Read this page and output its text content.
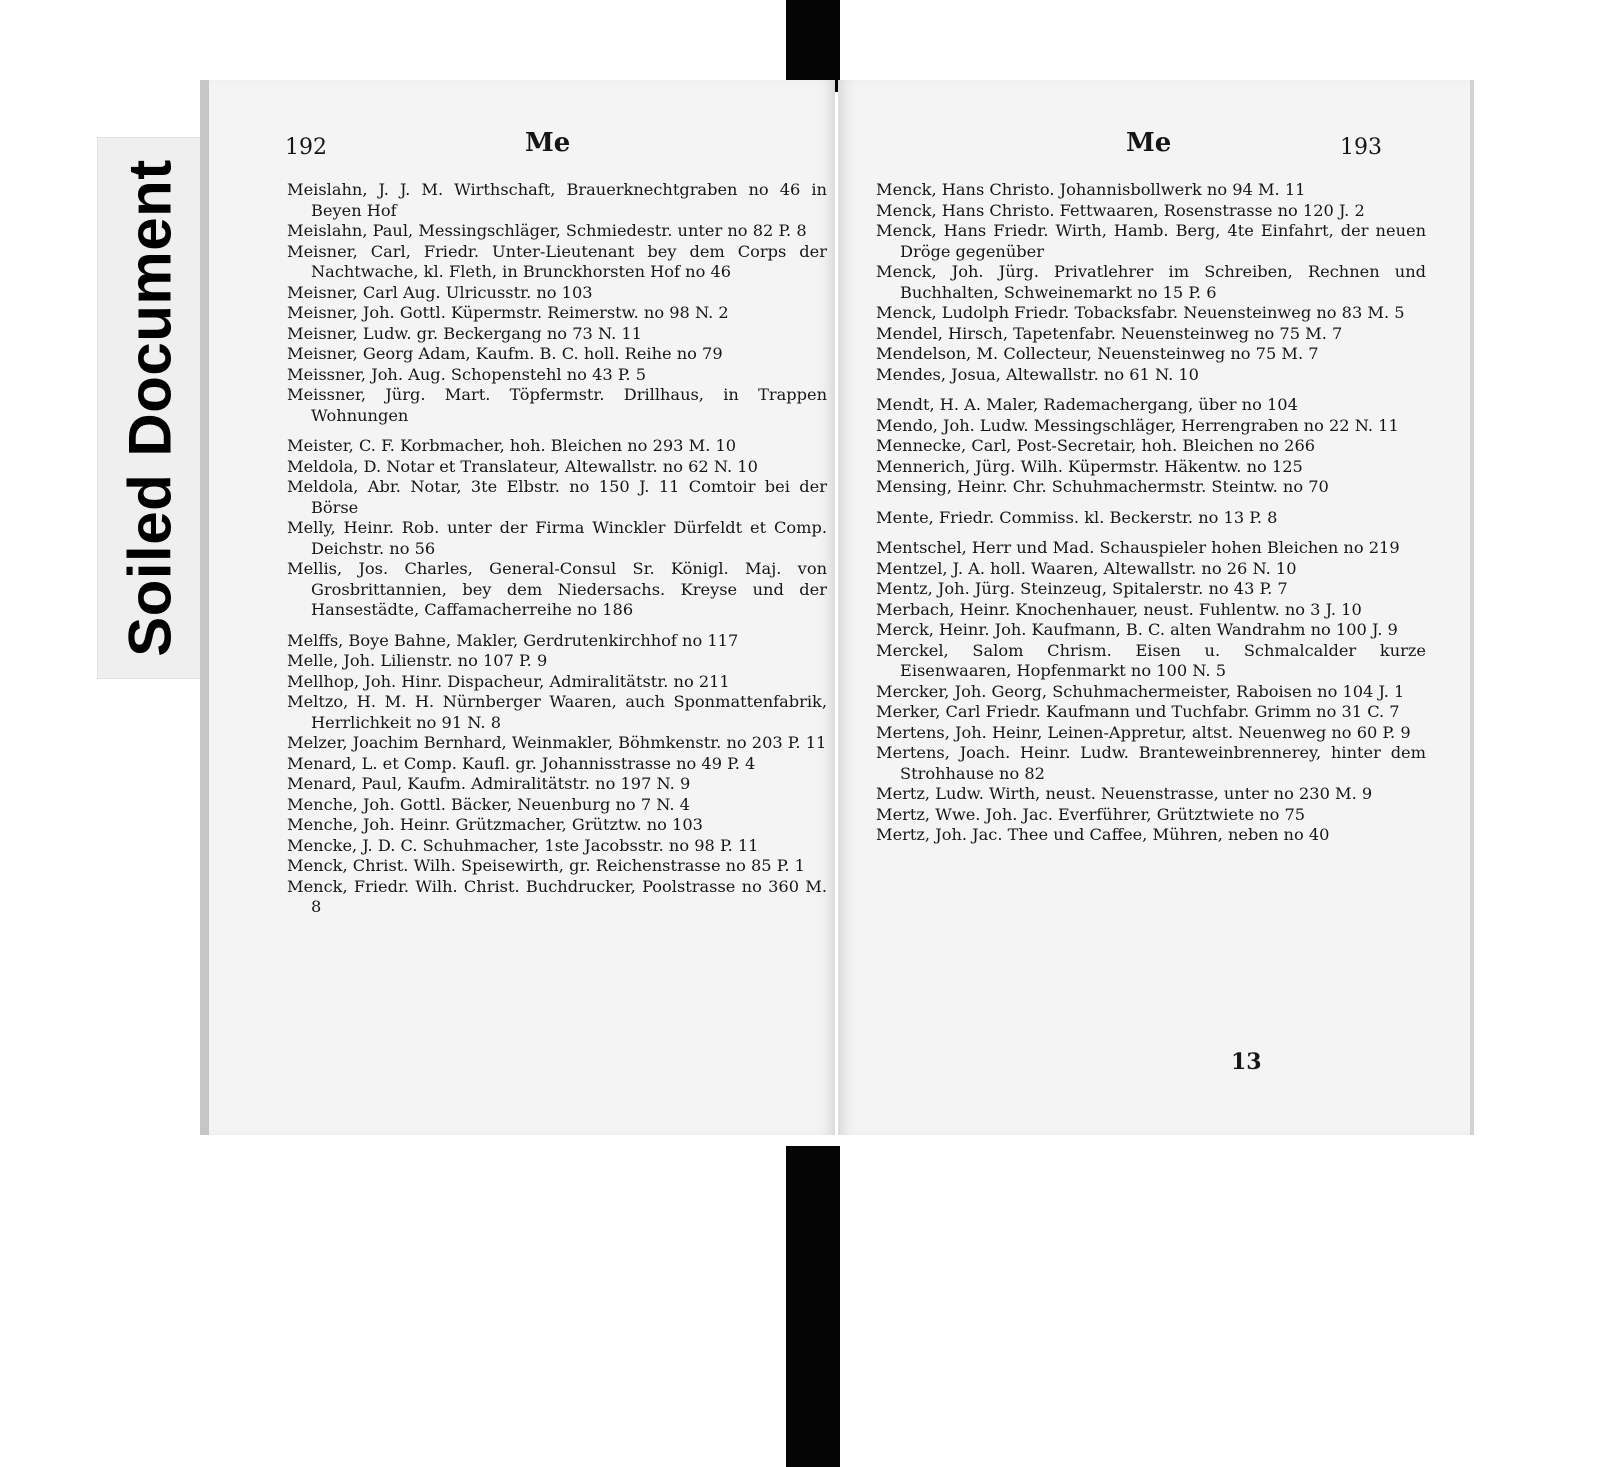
Soiled Document
192	Me
Meislahn, J. J. M. Wirthschaft, Brauerknechtgraben no 46 in Beyen Hof
Meislahn, Paul, Messingschläger, Schmiedestr. unter no 82 P. 8
Meisner, Carl, Friedr. Unter-Lieutenant bey dem Corps der Nachtwache, kl. Fleth, in Brunckhorsten Hof no 46
Meisner, Carl Aug. Ulricusstr. no 103
Meisner, Joh. Gottl. Küpermstr. Reimerstw. no 98 N. 2
Meisner, Ludw. gr. Beckergang no 73 N. 11
Meisner, Georg Adam, Kaufm. B. C. holl. Reihe no 79
Meissner, Joh. Aug. Schopenstehl no 43 P. 5
Meissner, Jürg. Mart. Töpfermstr. Drillhaus, in Trappen Wohnungen
Meister, C. F. Korbmacher, hoh. Bleichen no 293 M. 10
Meldola, D. Notar et Translateur, Altewallstr. no 62 N. 10
Meldola, Abr. Notar, 3te Elbstr. no 150 J. 11 Comtoir bei der Börse
Melly, Heinr. Rob. unter der Firma Winckler Dürfeldt et Comp. Deichstr. no 56
Mellis, Jos. Charles, General-Consul Sr. Königl. Maj. von Grosbrittannien, bey dem Niedersachs. Kreyse und der Hansestädte, Caffamacherreihe no 186
Melffs, Boye Bahne, Makler, Gerdrutenkirchhof no 117
Melle, Joh. Lilienstr. no 107 P. 9
Mellhop, Joh. Hinr. Dispacheur, Admiralitätstr. no 211
Meltzo, H. M. H. Nürnberger Waaren, auch Sponmattenfabrik, Herrlichkeit no 91 N. 8
Melzer, Joachim Bernhard, Weinmakler, Böhmkenstr. no 203 P. 11
Menard, L. et Comp. Kaufl. gr. Johannisstrasse no 49 P. 4
Menard, Paul, Kaufm. Admiralitätstr. no 197 N. 9
Menche, Joh. Gottl. Bäcker, Neuenburg no 7 N. 4
Menche, Joh. Heinr. Grützmacher, Grütztw. no 103
Mencke, J. D. C. Schuhmacher, 1ste Jacobsstr. no 98 P. 11
Menck, Christ. Wilh. Speisewirth, gr. Reichenstrasse no 85 P. 1
Menck, Friedr. Wilh. Christ. Buchdrucker, Poolstrasse no 360 M. 8
Me	193
Menck, Hans Christo. Johannisbollwerk no 94 M. 11
Menck, Hans Christo. Fettwaaren, Rosenstrasse no 120 J. 2
Menck, Hans Friedr. Wirth, Hamb. Berg, 4te Einfahrt, der neuen Dröge gegenüber
Menck, Joh. Jürg. Privatlehrer im Schreiben, Rechnen und Buchhalten, Schweinemarkt no 15 P. 6
Menck, Ludolph Friedr. Tobacksfabr. Neuensteinweg no 83 M. 5
Mendel, Hirsch, Tapetenfabr. Neuensteinweg no 75 M. 7
Mendelson, M. Collecteur, Neuensteinweg no 75 M. 7
Mendes, Josua, Altewallstr. no 61 N. 10
Mendt, H. A. Maler, Rademachergang, über no 104
Mendo, Joh. Ludw. Messingschläger, Herrengraben no 22 N. 11
Mennecke, Carl, Post-Secretair, hoh. Bleichen no 266
Mennerich, Jürg. Wilh. Küpermstr. Häkentw. no 125
Mensing, Heinr. Chr. Schuhmachermstr. Steintw. no 70
Mente, Friedr. Commiss. kl. Beckerstr. no 13 P. 8
Mentschel, Herr und Mad. Schauspieler hohen Bleichen no 219
Mentzel, J. A. holl. Waaren, Altewallstr. no 26 N. 10
Mentz, Joh. Jürg. Steinzeug, Spitalerstr. no 43 P. 7
Merbach, Heinr. Knochenhauer, neust. Fuhlentw. no 3 J. 10
Merck, Heinr. Joh. Kaufmann, B. C. alten Wandrahm no 100 J. 9
Merckel, Salom Chrism. Eisen u. Schmalcalder kurze Eisenwaaren, Hopfenmarkt no 100 N. 5
Mercker, Joh. Georg, Schuhmachermeister, Raboisen no 104 J. 1
Merker, Carl Friedr. Kaufmann und Tuchfabr. Grimm no 31 C. 7
Mertens, Joh. Heinr, Leinen-Appretur, altst. Neuenweg no 60 P. 9
Mertens, Joach. Heinr. Ludw. Branteweinbrennerey, hinter dem Strohhause no 82
Mertz, Ludw. Wirth, neust. Neuenstrasse, unter no 230 M. 9
Mertz, Wwe. Joh. Jac. Everführer, Grütztwiete no 75
Mertz, Joh. Jac. Thee und Caffee, Mühren, neben no 40
13
